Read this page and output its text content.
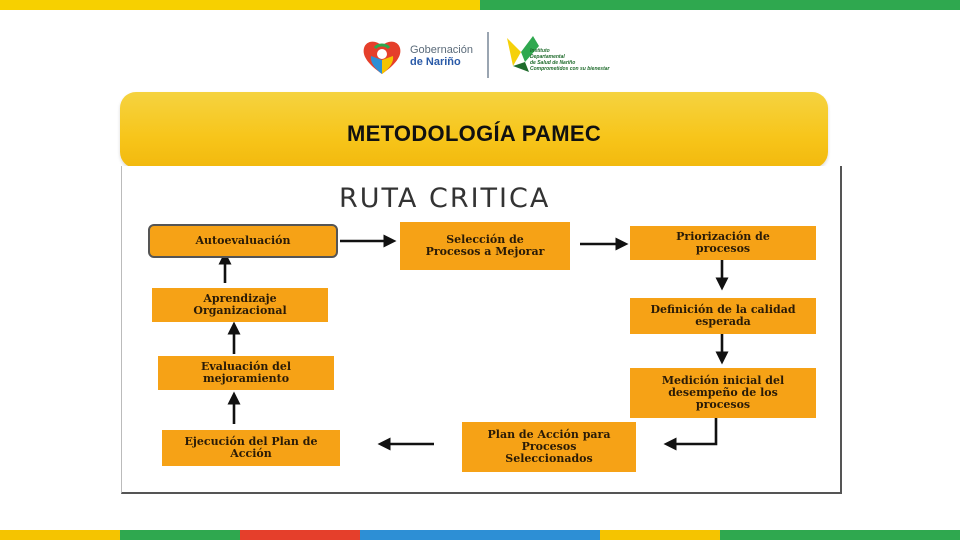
Gobernación
de Nariño
Instituto
Departamental
de Salud de Nariño
Comprometidos con su bienestar
METODOLOGÍA PAMEC
RUTA CRITICA
Autoevaluación	Selección de Procesos a Mejorar
Priorización de procesos
Definición de la calidad esperada
Medición inicial del desempeño de los procesos
Plan de Acción para Procesos Seleccionados
Ejecución del Plan de Acción
Evaluación del mejoramiento
Aprendizaje Organizacional
